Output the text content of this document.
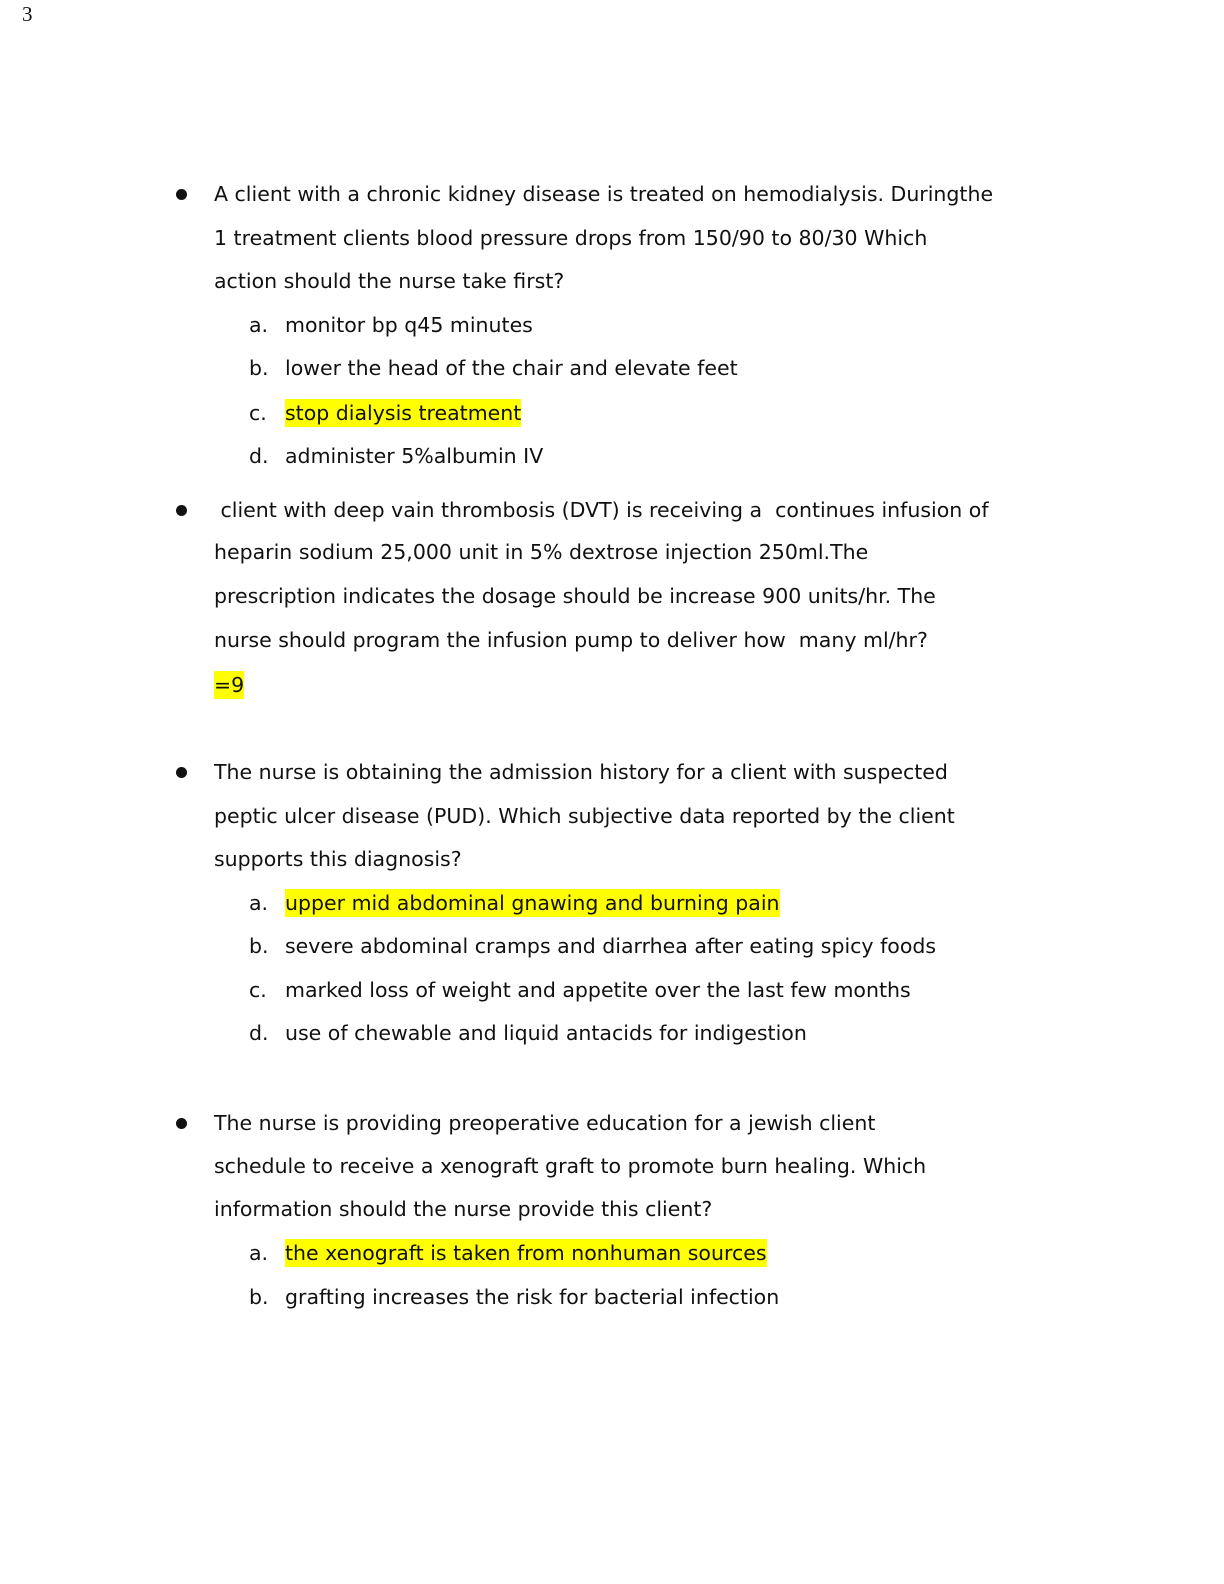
3
A client with a chronic kidney disease is treated on hemodialysis. Duringthe
1 treatment clients blood pressure drops from 150/90 to 80/30 Which
action should the nurse take first?
a. monitor bp q45 minutes
b. lower the head of the chair and elevate feet
c. stop dialysis treatment
d. administer 5%albumin IV
client with deep vain thrombosis (DVT) is receiving a  continues infusion of
heparin sodium 25,000 unit in 5% dextrose injection 250ml.The
prescription indicates the dosage should be increase 900 units/hr. The
nurse should program the infusion pump to deliver how  many ml/hr?
=9
The nurse is obtaining the admission history for a client with suspected
peptic ulcer disease (PUD). Which subjective data reported by the client
supports this diagnosis?
a. upper mid abdominal gnawing and burning pain
b. severe abdominal cramps and diarrhea after eating spicy foods
c. marked loss of weight and appetite over the last few months
d. use of chewable and liquid antacids for indigestion
The nurse is providing preoperative education for a jewish client
schedule to receive a xenograft graft to promote burn healing. Which
information should the nurse provide this client?
a. the xenograft is taken from nonhuman sources
b. grafting increases the risk for bacterial infection
